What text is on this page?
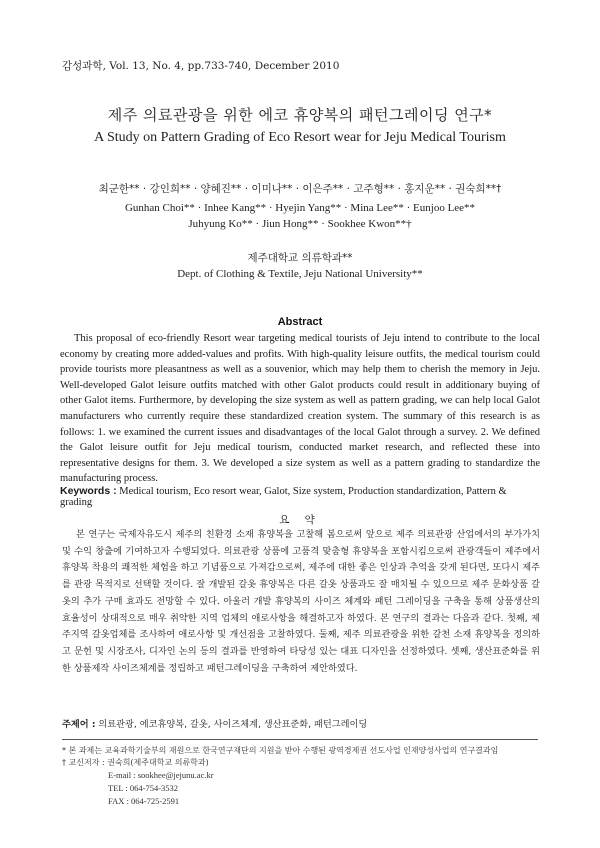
감성과학, Vol. 13, No. 4, pp.733-740, December 2010
제주 의료관광을 위한 에코 휴양복의 패턴그레이딩 연구*
A Study on Pattern Grading of Eco Resort wear for Jeju Medical Tourism
최군한** · 강인희** · 양혜진** · 이미나** · 이은주** · 고주형** · 홍지운** · 권숙희**†
Gunhan Choi** · Inhee Kang** · Hyejin Yang** · Mina Lee** · Eunjoo Lee**
Juhyung Ko** · Jiun Hong** · Sookhee Kwon**†
제주대학교 의류학과**
Dept. of Clothing & Textile, Jeju National University**
Abstract

This proposal of eco-friendly Resort wear targeting medical tourists of Jeju intend to contribute to the local economy by creating more added-values and profits. With high-quality leisure outfits, the medical tourism could provide tourists more pleasantness as well as a souvenior, which may help them to cherish the memory in Jeju. Well-developed Galot leisure outfits matched with other Galot products could result in additionary buying of other Galot items. Furthermore, by developing the size system as well as pattern grading, we can help local Galot manufacturers who currently require these standardized creation system. The summary of this research is as follows: 1. we examined the current issues and disadvantages of the local Galot through a survey. 2. We defined the Galot leisure outfit for Jeju medical tourism, conducted market research, and reflected these into representative designs for them. 3. We developed a size system as well as a pattern grading to standardize the manufacturing process.

Keywords : Medical tourism, Eco resort wear, Galot, Size system, Production standardization, Pattern & grading
요 약

본 연구는 국제자유도시 제주의 친환경 소재 휴양복을 고찰해 봄으로써 앞으로 제주 의료관광 산업에서의 부가가치 및 수익 창출에 기여하고자 수행되었다. 의료관광 상품에 고품격 맞춤형 휴양복을 포함시킴으로써 관광객들이 제주에서 휴양복 착용의 쾌적한 체험을 하고 기념품으로 가져감으로써, 제주에 대한 좋은 인상과 추억을 갖게 된다면, 또다시 제주를 관광 목적지로 선택할 것이다. 잘 개발된 갈옷 휴양복은 다른 갈옷 상품과도 잘 매치될 수 있으므로 제주 문화상품 갈옷의 추가 구매 효과도 전망할 수 있다. 아울러 개발 휴양복의 사이즈 체계와 패턴 그레이딩을 구축을 통해 상품생산의 효율성이 상대적으로 매우 취약한 지역 업체의 애로사항을 해결하고자 하였다. 본 연구의 결과는 다음과 같다. 첫째, 제주지역 갈옷업체를 조사하여 애로사항 및 개선점을 고찰하였다. 둘째, 제주 의료관광을 위한 갈천 소재 휴양복을 정의하고 문헌 및 시장조사, 디자인 논의 등의 결과를 반영하여 타당성 있는 대표 디자인을 선정하였다. 셋째, 생산표준화를 위한 상품제작 사이즈체계를 정립하고 패턴그레이딩을 구축하여 제안하였다.

주제어 : 의료관광, 에코휴양복, 갈옷, 사이즈체계, 생산표준화, 패턴그레이딩
* 본 과제는 교육과학기술부의 재원으로 한국연구재단의 지원을 받아 수행된 광역경제권 선도사업 인재양성사업의 연구결과임
† 교신저자 : 권숙희(제주대학교 의류학과)
E-mail : sookhee@jejunu.ac.kr
TEL : 064-754-3532
FAX : 064-725-2591
